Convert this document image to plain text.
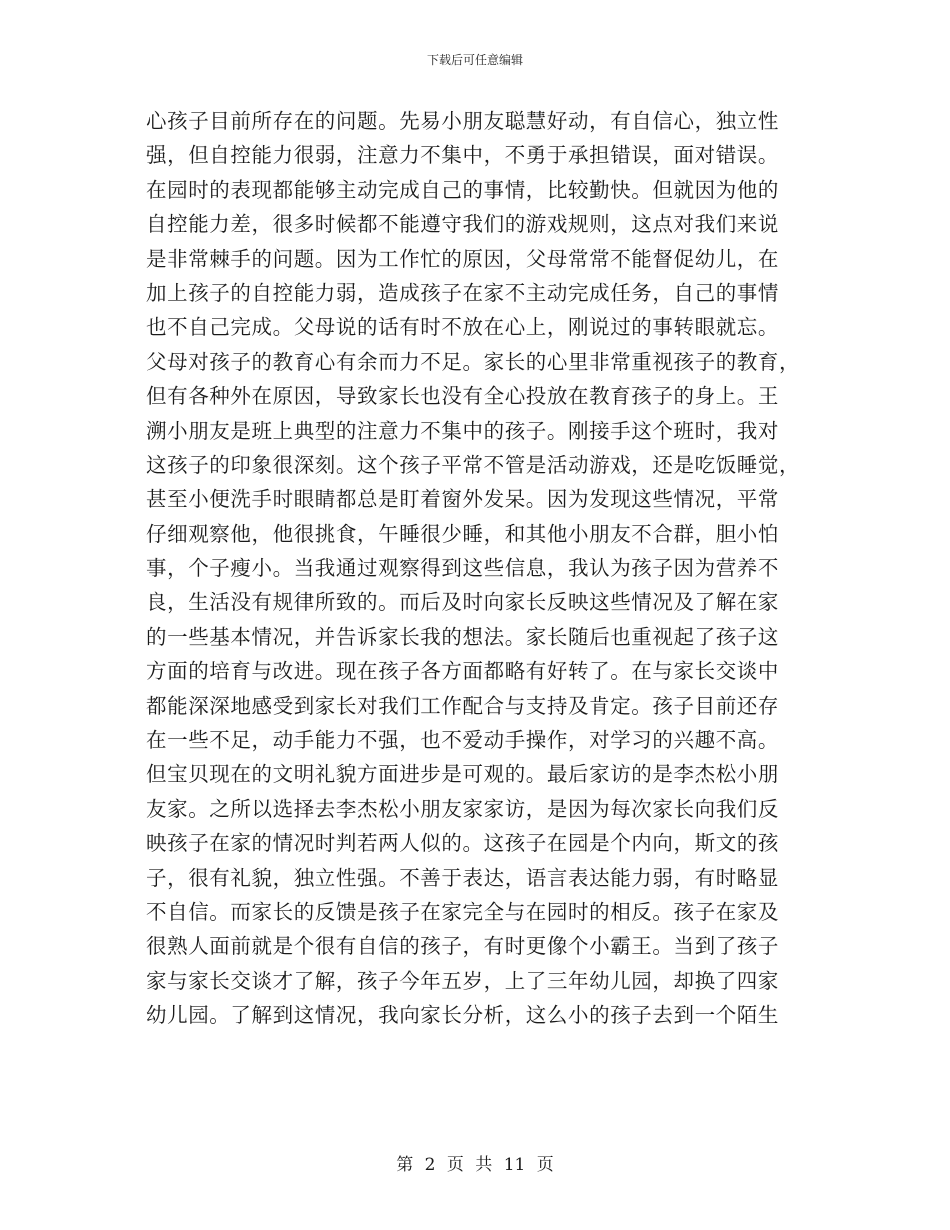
下载后可任意编辑
心孩子目前所存在的问题。先易小朋友聪慧好动，有自信心，独立性
强，但自控能力很弱，注意力不集中，不勇于承担错误，面对错误。
在园时的表现都能够主动完成自己的事情，比较勤快。但就因为他的
自控能力差，很多时候都不能遵守我们的游戏规则，这点对我们来说
是非常棘手的问题。因为工作忙的原因，父母常常不能督促幼儿，在
加上孩子的自控能力弱，造成孩子在家不主动完成任务，自己的事情
也不自己完成。父母说的话有时不放在心上，刚说过的事转眼就忘。
父母对孩子的教育心有余而力不足。家长的心里非常重视孩子的教育，
但有各种外在原因，导致家长也没有全心投放在教育孩子的身上。王
溯小朋友是班上典型的注意力不集中的孩子。刚接手这个班时，我对
这孩子的印象很深刻。这个孩子平常不管是活动游戏，还是吃饭睡觉，
甚至小便洗手时眼睛都总是盯着窗外发呆。因为发现这些情况，平常
仔细观察他，他很挑食，午睡很少睡，和其他小朋友不合群，胆小怕
事，个子瘦小。当我通过观察得到这些信息，我认为孩子因为营养不
良，生活没有规律所致的。而后及时向家长反映这些情况及了解在家
的一些基本情况，并告诉家长我的想法。家长随后也重视起了孩子这
方面的培育与改进。现在孩子各方面都略有好转了。在与家长交谈中
都能深深地感受到家长对我们工作配合与支持及肯定。孩子目前还存
在一些不足，动手能力不强，也不爱动手操作，对学习的兴趣不高。
但宝贝现在的文明礼貌方面进步是可观的。最后家访的是李杰松小朋
友家。之所以选择去李杰松小朋友家家访，是因为每次家长向我们反
映孩子在家的情况时判若两人似的。这孩子在园是个内向，斯文的孩
子，很有礼貌，独立性强。不善于表达，语言表达能力弱，有时略显
不自信。而家长的反馈是孩子在家完全与在园时的相反。孩子在家及
很熟人面前就是个很有自信的孩子，有时更像个小霸王。当到了孩子
家与家长交谈才了解，孩子今年五岁，上了三年幼儿园，却换了四家
幼儿园。了解到这情况，我向家长分析，这么小的孩子去到一个陌生
第 2 页 共 11 页
